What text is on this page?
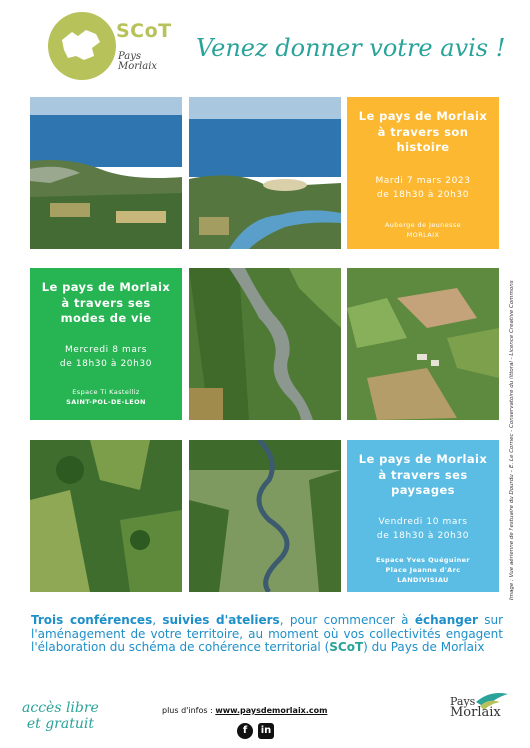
SCoT
Pays
Morlaix
Venez donner votre avis !
Le pays de Morlaix
à travers son
histoire
Mardi 7 mars 2023
de 18h30 à 20h30
Auberge de Jeunesse
MORLAIX
Le pays de Morlaix
à travers ses
modes de vie
Mercredi 8 mars
de 18h30 à 20h30
Espace Ti Kastelliz
SAINT-POL-DE-LEON
Le pays de Morlaix
à travers ses
paysages
Vendredi 10 mars
de 18h30 à 20h30
Espace Yves Quéguiner
Place Jeanne d'Arc
LANDIVISIAU	Image : Vue aérienne de l'estuaire du Dourdu – E. Le Cornec - Conservatoire du littoral - Licence Creative Commons
Trois conférences, suivies d'ateliers, pour commencer à échanger sur l'aménagement de votre territoire, au moment où vos collectivités engagent l'élaboration du schéma de cohérence territorial (SCoT) du Pays de Morlaix
accès libre
et gratuit
plus d'infos : www.paysdemorlaix.com
f	in
Pays
Morlaix
